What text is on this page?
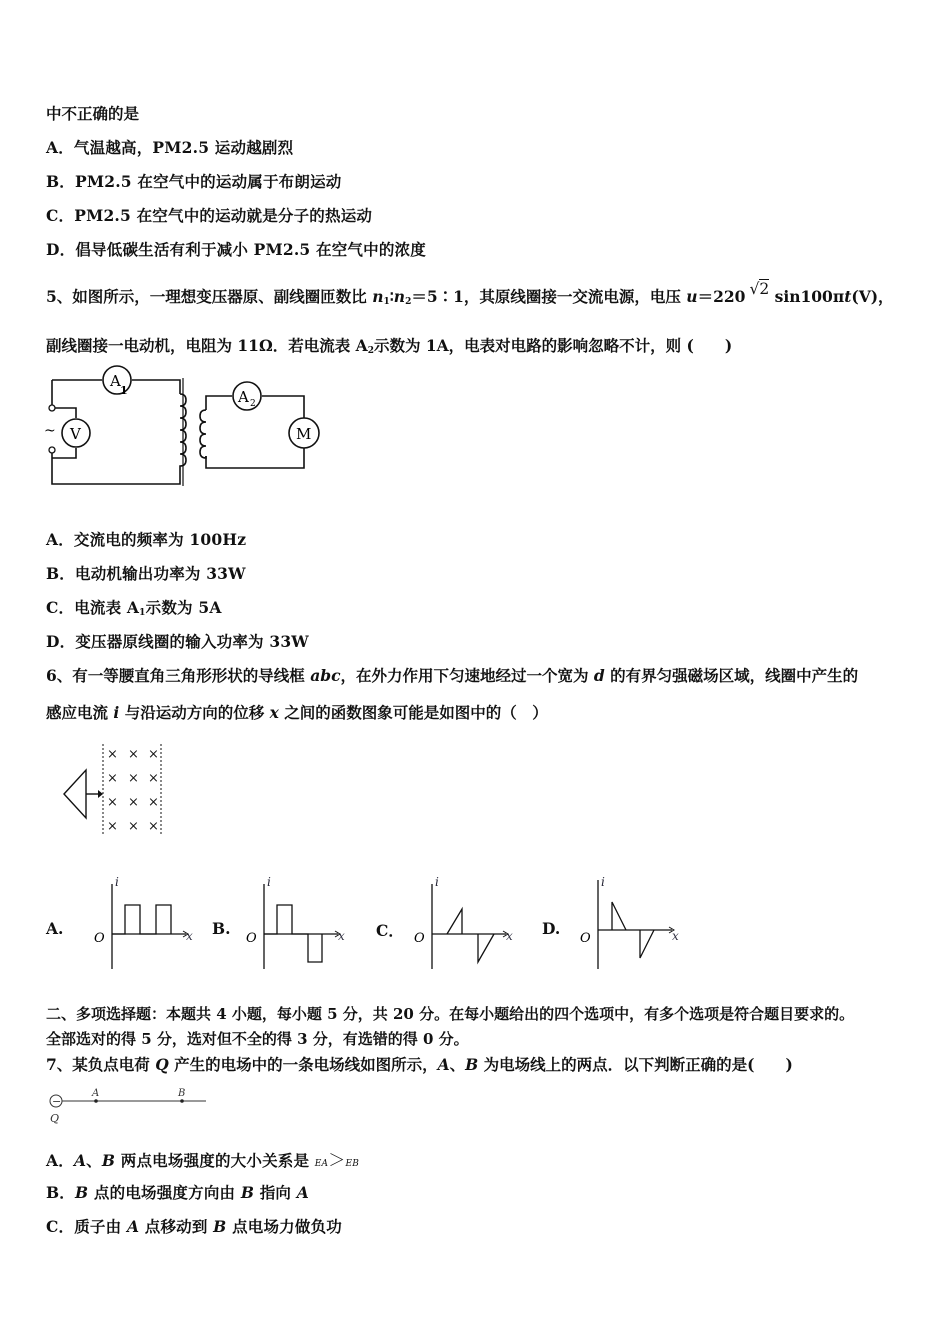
中不正确的是
A．气温越高，PM2.5 运动越剧烈
B．PM2.5 在空气中的运动属于布朗运动
C．PM2.5 在空气中的运动就是分子的热运动
D．倡导低碳生活有利于减小 PM2.5 在空气中的浓度
5、如图所示，一理想变压器原、副线圈匝数比 $n_1∶n_2=5∶1$，其原线圈接一交流电源，电压 u＝220 √2 sin100πt(V)，
副线圈接一电动机，电阻为 11Ω．若电流表 $A_2$示数为 1A，电表对电路的影响忽略不计，则 (　　)
~
A
1
V
A 2
M
A．交流电的频率为 100Hz
B．电动机输出功率为 33W
C．电流表 $A_1$示数为 5A
D．变压器原线圈的输入功率为 33W
6、有一等腰直角三角形形状的导线框 abc，在外力作用下匀速地经过一个宽为 d 的有界匀强磁场区域，线圈中产生的
感应电流 i 与沿运动方向的位移 x 之间的函数图象可能是如图中的（　）
× × ×
× × ×
× × ×
× × ×
A.	B.	C．	D.
O
i
x	O
i
x	O
i
x	O
i
x
二、多项选择题：本题共 4 小题，每小题 5 分，共 20 分。在每小题给出的四个选项中，有多个选项是符合题目要求的。
全部选对的得 5 分，选对但不全的得 3 分，有选错的得 0 分。
7、某负点电荷 Q 产生的电场中的一条电场线如图所示，A、B 为电场线上的两点．以下判断正确的是(　　)
−
Q
A	B
A．A、B 两点电场强度的大小关系是 EA＞EB
B．B 点的电场强度方向由 B 指向 A
C．质子由 A 点移动到 B 点电场力做负功
